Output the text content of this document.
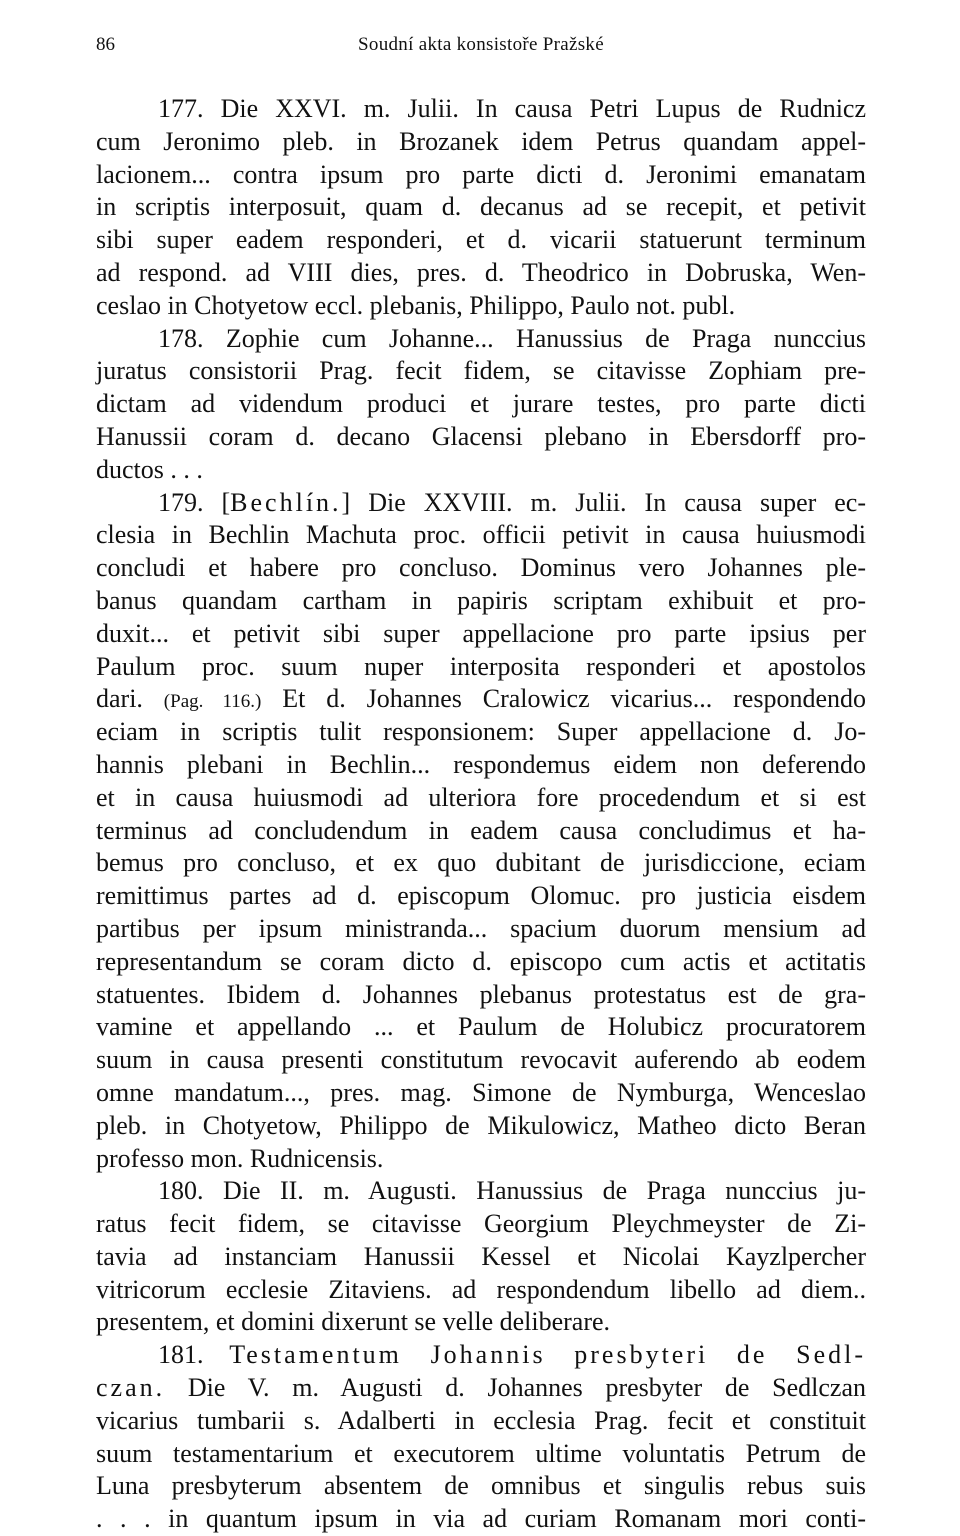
86	Soudní akta konsistoře Pražské
177. Die XXVI. m. Julii. In causa Petri Lupus de Rudnicz
cum Jeronimo pleb. in Brozanek idem Petrus quandam appel-
lacionem... contra ipsum pro parte dicti d. Jeronimi emanatam
in scriptis interposuit, quam d. decanus ad se recepit, et petivit
sibi super eadem responderi, et d. vicarii statuerunt terminum
ad respond. ad VIII dies, pres. d. Theodrico in Dobruska, Wen-
ceslao in Chotyetow eccl. plebanis, Philippo, Paulo not. publ.
178. Zophie cum Johanne... Hanussius de Praga nunccius
juratus consistorii Prag. fecit fidem, se citavisse Zophiam pre-
dictam ad videndum produci et jurare testes, pro parte dicti
Hanussii coram d. decano Glacensi plebano in Ebersdorff pro-
ductos . . .
179. [Bechlín.] Die XXVIII. m. Julii. In causa super ec-
clesia in Bechlin Machuta proc. officii petivit in causa huiusmodi
concludi et habere pro concluso. Dominus vero Johannes ple-
banus quandam cartham in papiris scriptam exhibuit et pro-
duxit... et petivit sibi super appellacione pro parte ipsius per
Paulum proc. suum nuper interposita responderi et apostolos
dari. (Pag. 116.) Et d. Johannes Cralowicz vicarius... respondendo
eciam in scriptis tulit responsionem: Super appellacione d. Jo-
hannis plebani in Bechlin... respondemus eidem non deferendo
et in causa huiusmodi ad ulteriora fore procedendum et si est
terminus ad concludendum in eadem causa concludimus et ha-
bemus pro concluso, et ex quo dubitant de jurisdiccione, eciam
remittimus partes ad d. episcopum Olomuc. pro justicia eisdem
partibus per ipsum ministranda... spacium duorum mensium ad
representandum se coram dicto d. episcopo cum actis et actitatis
statuentes. Ibidem d. Johannes plebanus protestatus est de gra-
vamine et appellando ... et Paulum de Holubicz procuratorem
suum in causa presenti constitutum revocavit auferendo ab eodem
omne mandatum..., pres. mag. Simone de Nymburga, Wenceslao
pleb. in Chotyetow, Philippo de Mikulowicz, Matheo dicto Beran
professo mon. Rudnicensis.
180. Die II. m. Augusti. Hanussius de Praga nunccius ju-
ratus fecit fidem, se citavisse Georgium Pleychmeyster de Zi-
tavia ad instanciam Hanussii Kessel et Nicolai Kayzlpercher
vitricorum ecclesie Zitaviens. ad respondendum libello ad diem..
presentem, et domini dixerunt se velle deliberare.
181. Testamentum Johannis presbyteri de Sedl-
czan. Die V. m. Augusti d. Johannes presbyter de Sedlczan
vicarius tumbarii s. Adalberti in ecclesia Prag. fecit et constituit
suum testamentarium et executorem ultime voluntatis Petrum de
Luna presbyterum absentem de omnibus et singulis rebus suis
. . . in quantum ipsum in via ad curiam Romanam mori conti-
